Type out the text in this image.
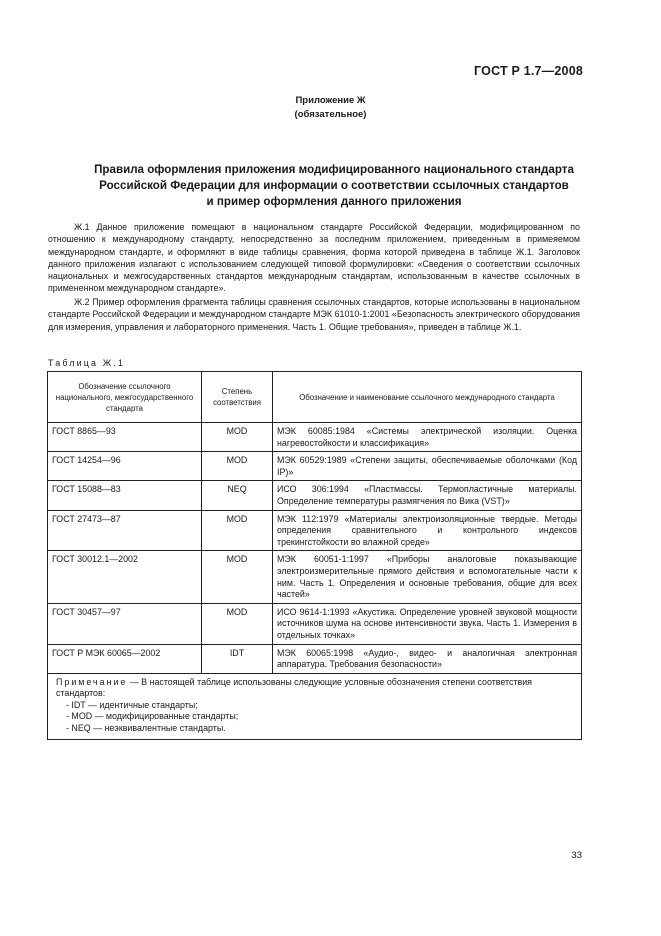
ГОСТ Р 1.7—2008
Приложение Ж
(обязательное)
Правила оформления приложения модифицированного национального стандарта
Российской Федерации для информации о соответствии ссылочных стандартов
и пример оформления данного приложения
Ж.1 Данное приложение помещают в национальном стандарте Российской Федерации, модифицированном по отношению к международному стандарту, непосредственно за последним приложением, приведенным в примеяемом международном стандарте, и оформляют в виде таблицы сравнения, форма которой приведена в таблице Ж.1. Заголовок данного приложения излагают с использованием следующей типовой формулировки: «Сведения о соответствии ссылочных национальных и межгосударственных стандартов международным стандартам, использованным в качестве ссылочных в примененном международном стандарте».
Ж.2 Пример оформления фрагмента таблицы сравнения ссылочных стандартов, которые использованы в национальном стандарте Российской Федерации и международном стандарте МЭК 61010-1:2001 «Безопасность электрического оборудования для измерения, управления и лабораторного применения. Часть 1. Общие требования», приведен в таблице Ж.1.
Таблица Ж.1
Обозначение ссылочного национального, межгосударственного стандарта	Степень соответствия	Обозначение и наименование ссылочного международного стандарта
ГОСТ 8865—93	MOD	МЭК 60085:1984 «Системы электрической изоляции. Оценка нагревостойкости и классификация»
ГОСТ 14254—96	MOD	МЭК 60529:1989 «Степени защиты, обеспечиваемые оболочками (Код IP)»
ГОСТ 15088—83	NEQ	ИСО 306:1994 «Пластмассы. Термопластичные материалы. Определение температуры размягчения по Вика (VST)»
ГОСТ 27473—87	MOD	МЭК 112:1979 «Материалы электроизоляционные твердые. Методы определения сравнительного и контрольного индексов трекингстойкости во влажной среде»
ГОСТ 30012.1—2002	MOD	МЭК 60051-1:1997 «Приборы аналоговые показывающие электроизмерительные прямого действия и вспомогательные части к ним. Часть 1. Определения и основные требования, общие для всех частей»
ГОСТ 30457—97	MOD	ИСО 9614-1:1993 «Акустика. Определение уровней звуковой мощности источников шума на основе интенсивности звука. Часть 1. Измерения в отдельных точках»
ГОСТ Р МЭК 60065—2002	IDT	МЭК 60065:1998 «Аудио-, видео- и аналогичная электронная аппаратура. Требования безопасности»

Примечание — В настоящей таблице использованы следующие условные обозначения степени соответствия стандартов:
- IDT — идентичные стандарты;
- MOD — модифицированные стандарты;
- NEQ — неэквивалентные стандарты.		
33
